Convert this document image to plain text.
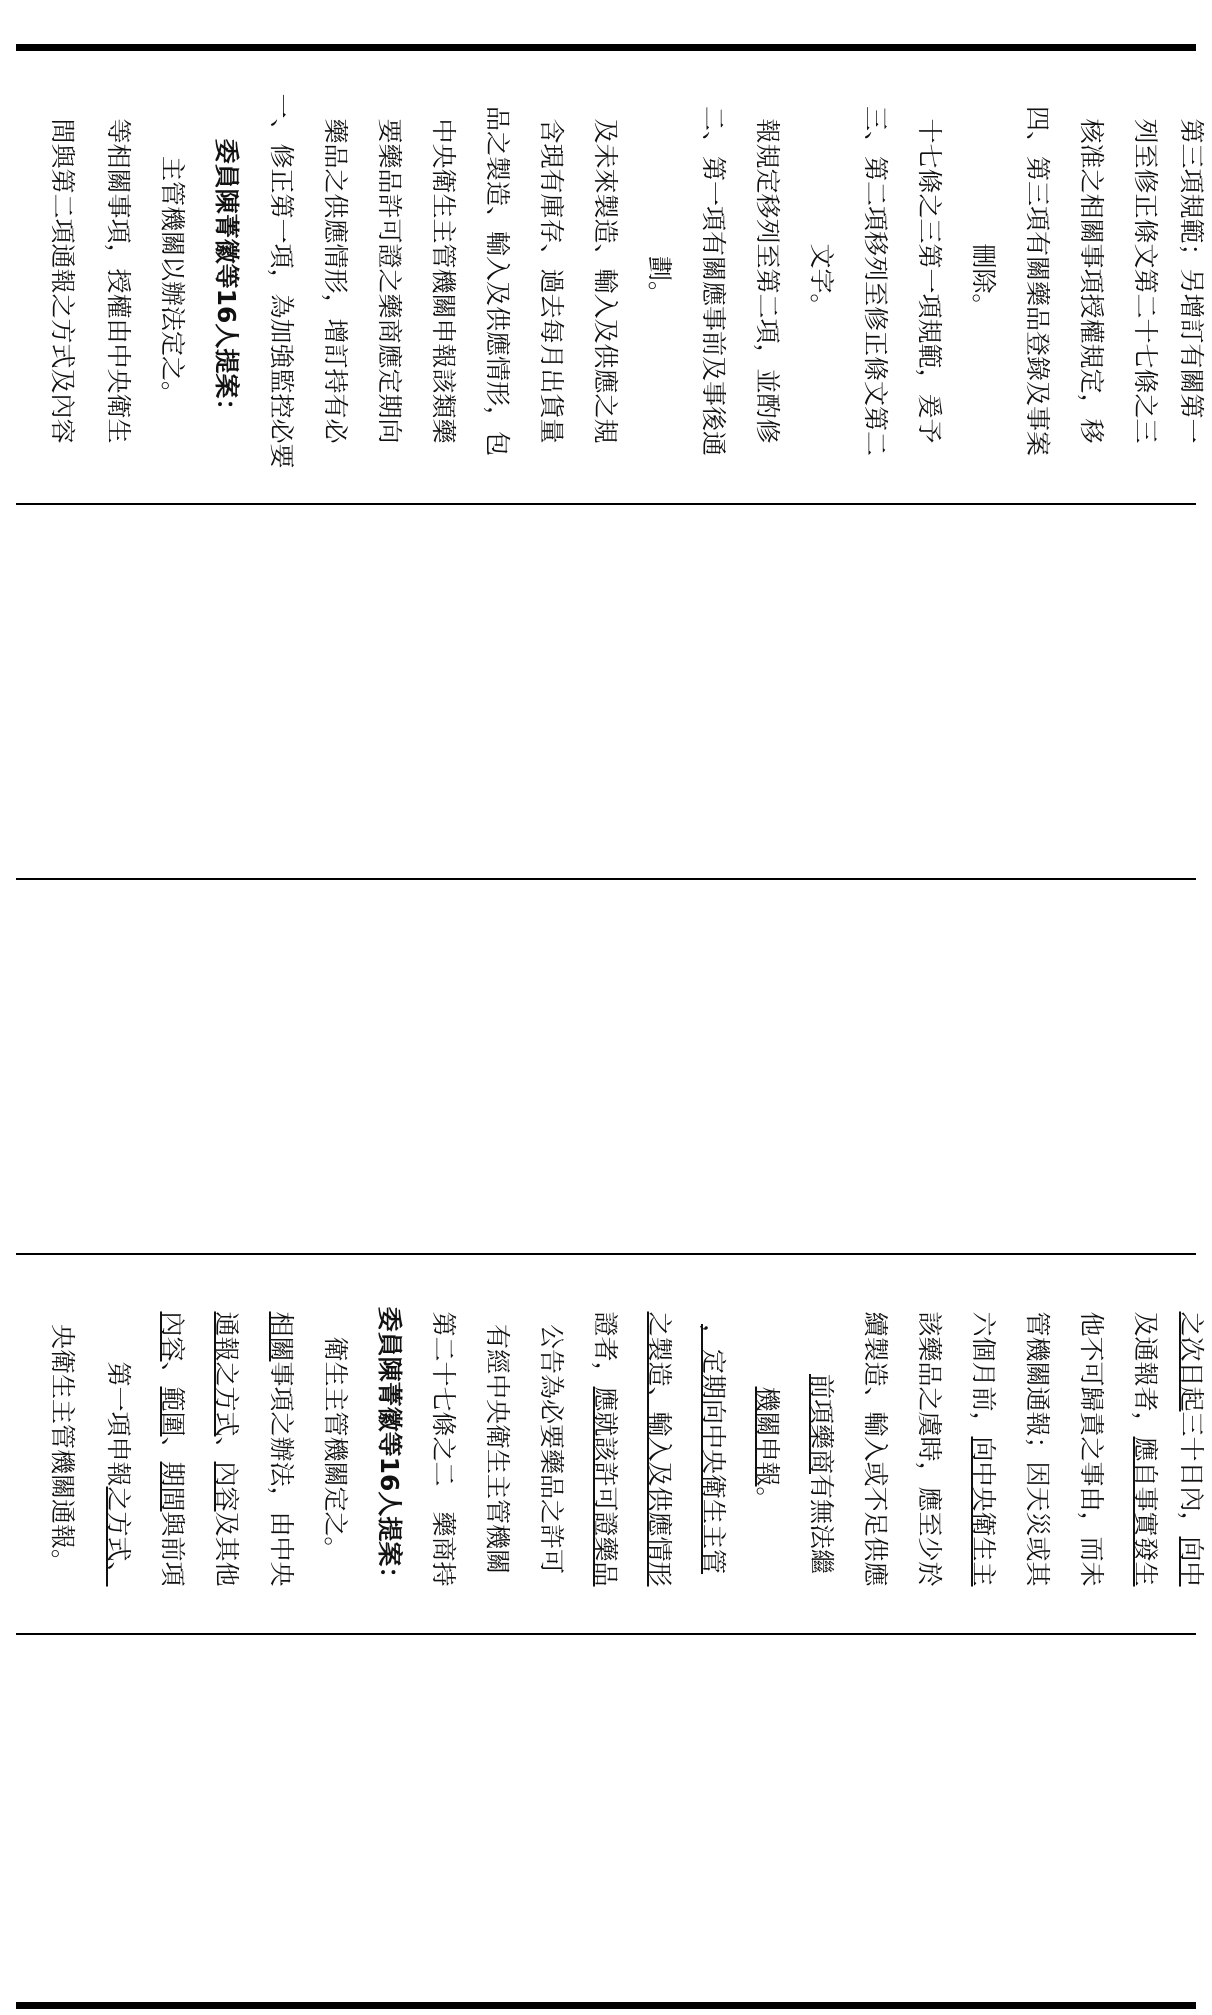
間與第二項通報之方式及內容 等相關事項，授權由中央衛生 主管機關以辦法定之。 委員陳菁徽等16人提案： 一、修正第一項，為加強監控必要 藥品之供應情形，增訂持有必 要藥品許可證之藥商應定期向 中央衛生主管機關申報該類藥 品之製造、輸入及供應情形，包 含現有庫存、過去每月出貨量 及未來製造、輸入及供應之規 劃。 二、第一項有關應事前及事後通 報規定移列至第二項，並酌修 文字。 三、第二項移列至修正條文第二 十七條之三第一項規範，爰予 刪除。 四、第三項有關藥品登錄及事案 核准之相關事項授權規定，移 列至修正條文第二十七條之三 第三項規範；另增訂有關第一
央衛生主管機關通報。 　　第一項申報之方式、
內容、範圍、期間與前項
通報之方式、內容及其他
相關事項之辦法，由中央 衛生主管機關定之。 委員陳菁徽等16人提案： 第二十七條之二　藥商持 有經中央衛生主管機關 公告為必要藥品之許可 證者，應就該許可證藥品 之製造、輸入及供應情形 ，定期向中央衛生主管 機關申報。
　　前項藥商有無法繼 續製造、輸入或不足供應 該藥品之虞時，應至少於 六個月前，向中央衛生主 管機關通報；因天災或其 他不可歸責之事由，而未 及通報者，應自事實發生
之次日起三十日內，向中
